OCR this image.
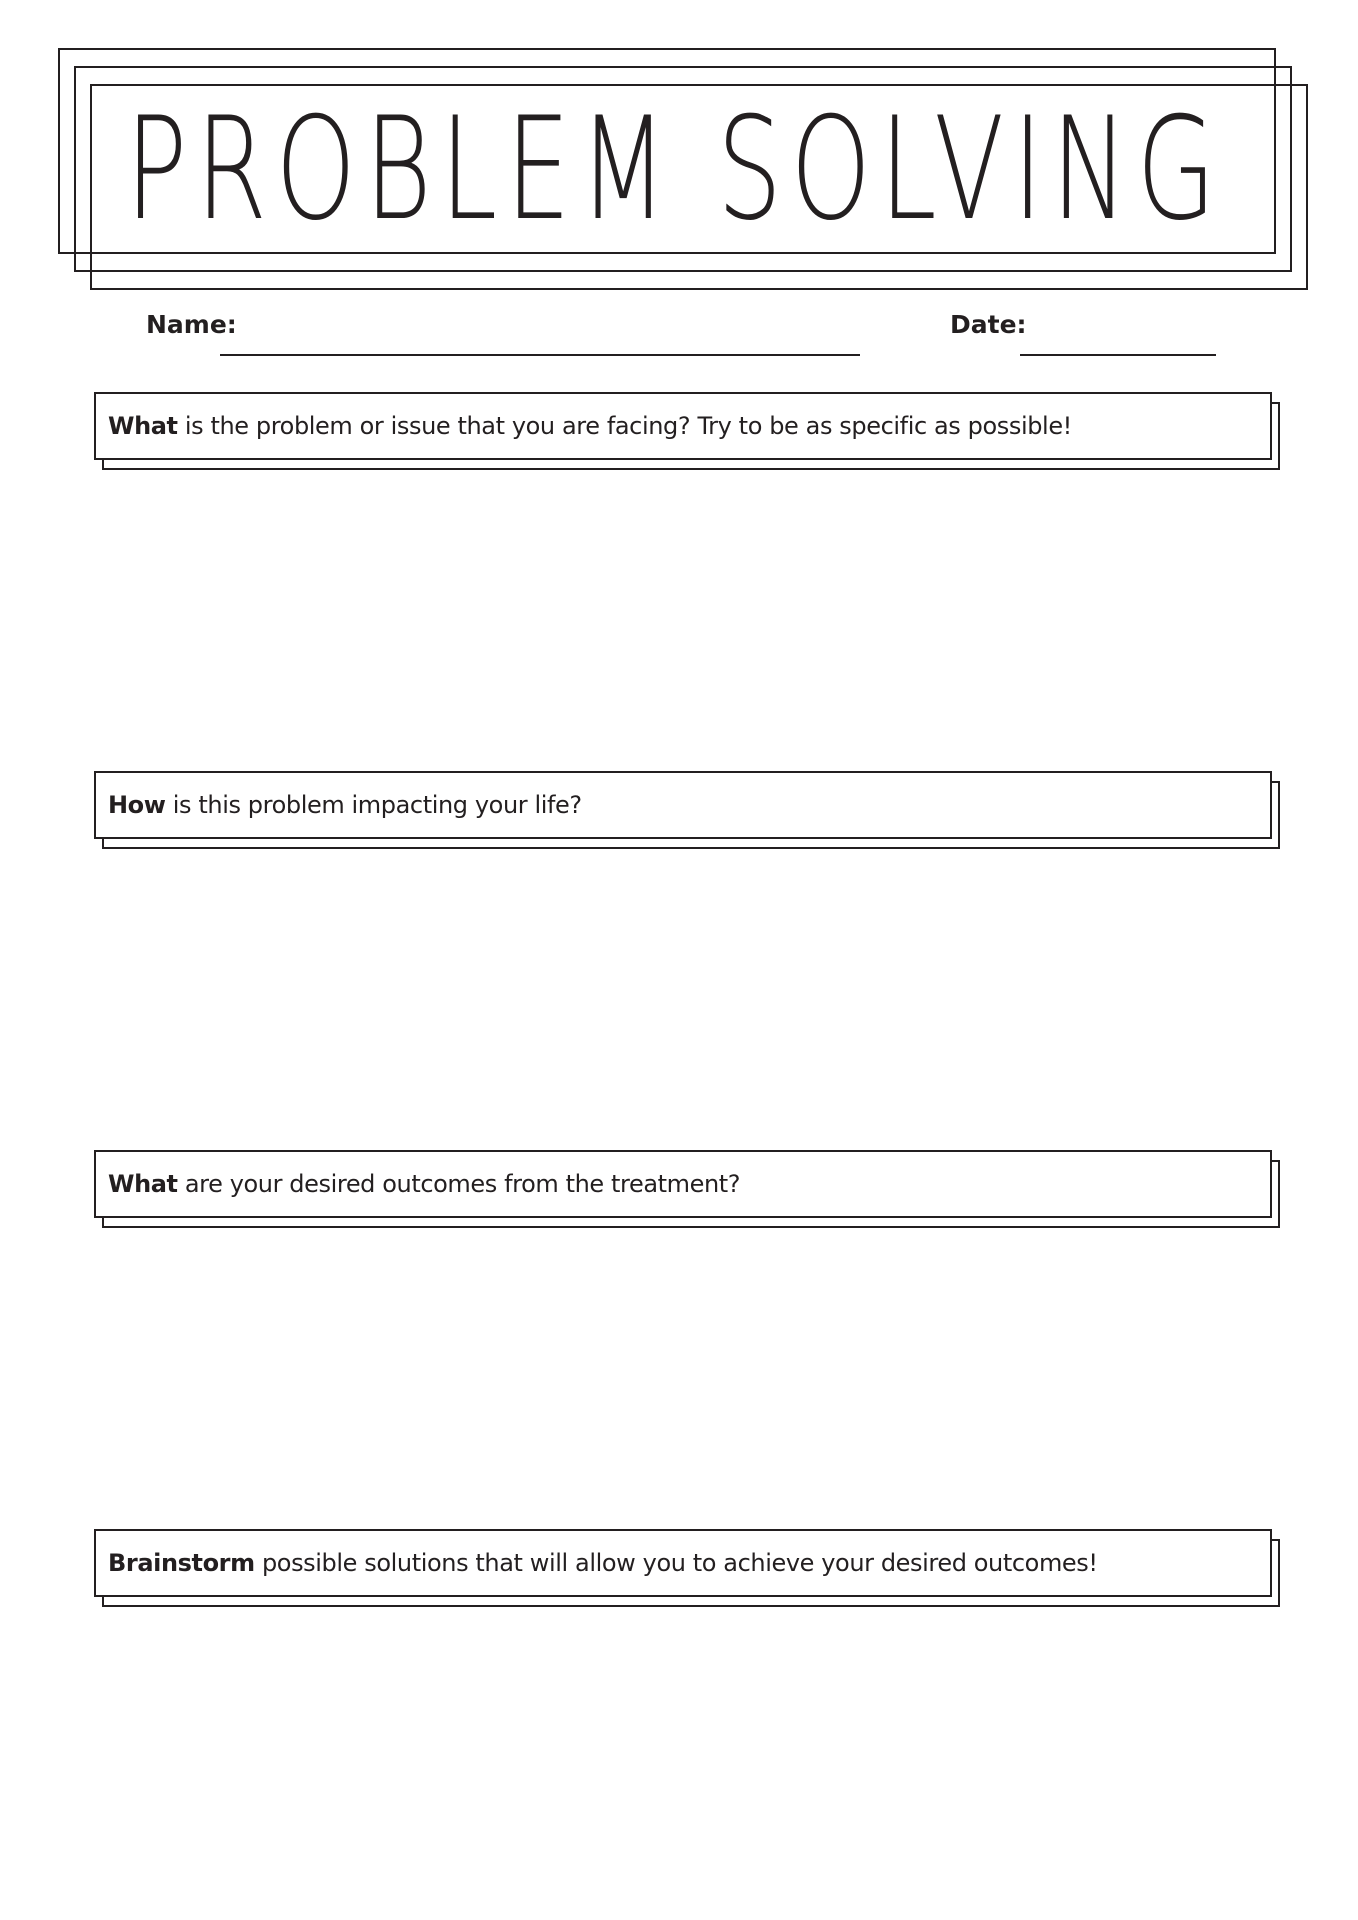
PROBLEM SOLVING
Name:	Date:
What is the problem or issue that you are facing? Try to be as specific as possible!
How is this problem impacting your life?
What are your desired outcomes from the treatment?
Brainstorm possible solutions that will allow you to achieve your desired outcomes!
